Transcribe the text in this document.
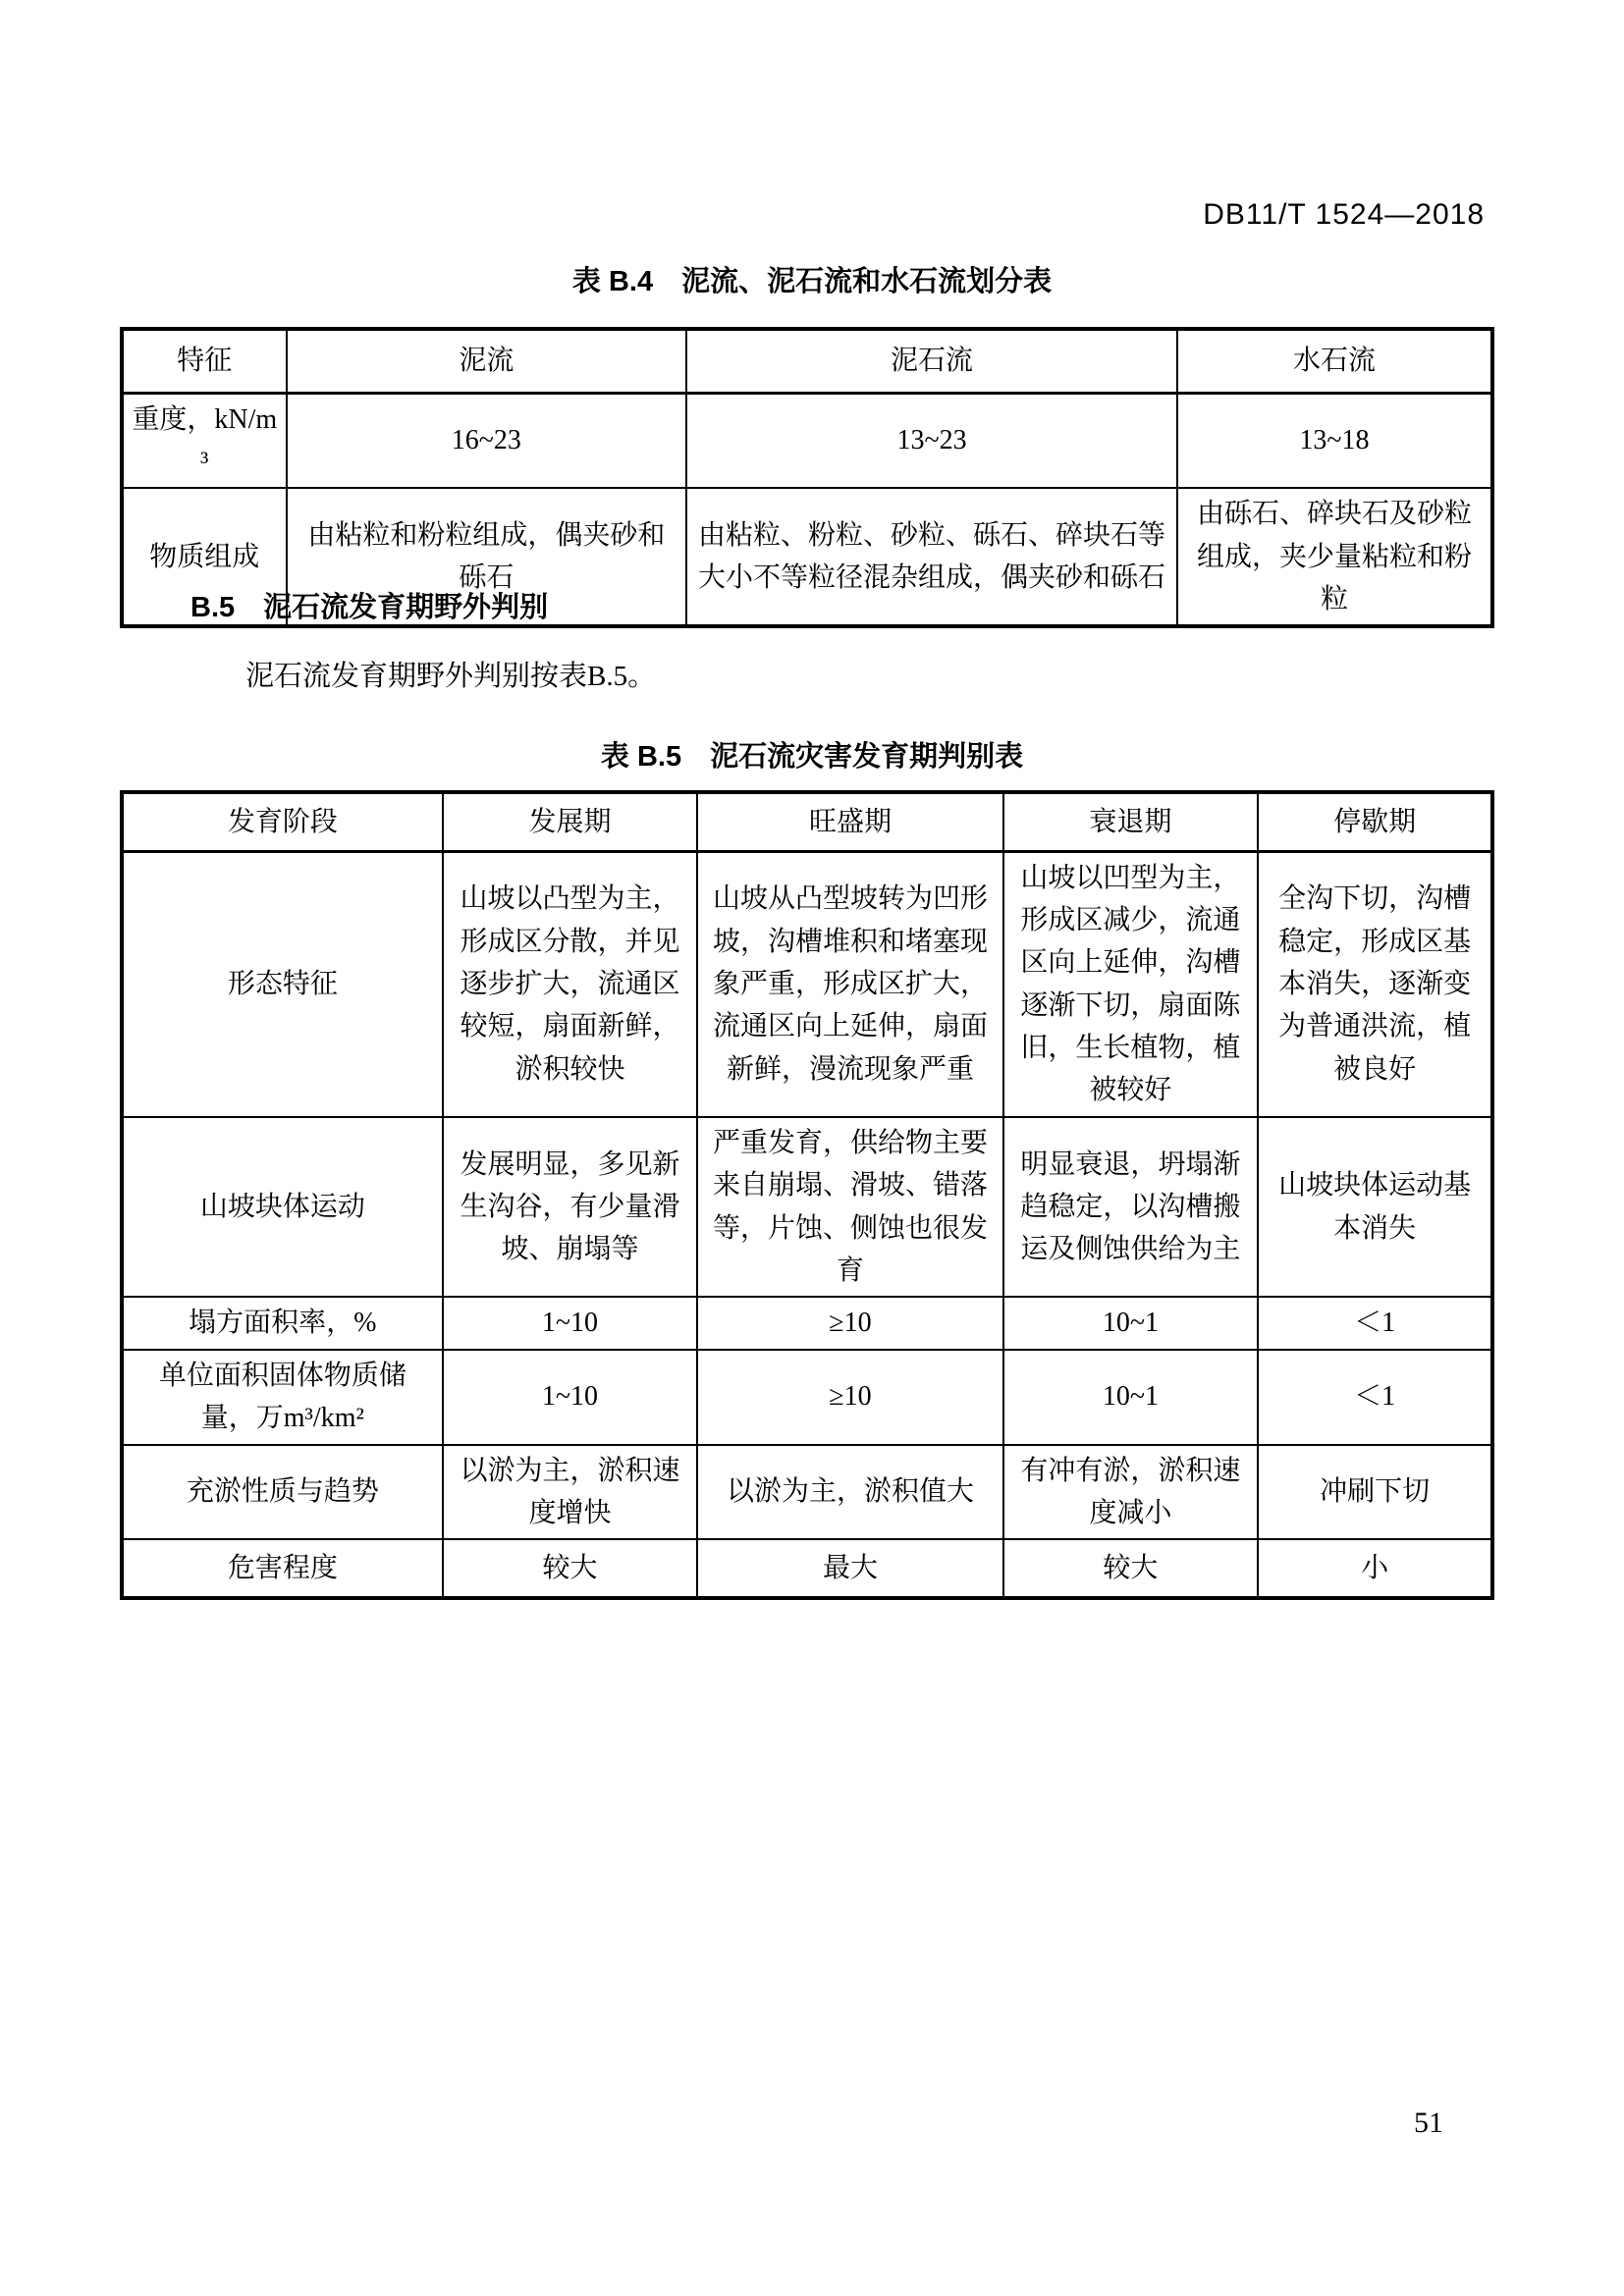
DB11/T 1524—2018
表 B.4　泥流、泥石流和水石流划分表
特征	泥流	泥石流	水石流
重度，kN/m³	16~23	13~23	13~18
物质组成	由粘粒和粉粒组成，偶夹砂和砾石	由粘粒、粉粒、砂粒、砾石、碎块石等大小不等粒径混杂组成，偶夹砂和砾石	由砾石、碎块石及砂粒组成，夹少量粘粒和粉粒
B.5　泥石流发育期野外判别
泥石流发育期野外判别按表B.5。
表 B.5　泥石流灾害发育期判别表
发育阶段	发展期	旺盛期	衰退期	停歇期
形态特征	山坡以凸型为主，形成区分散，并见逐步扩大，流通区较短，扇面新鲜，淤积较快	山坡从凸型坡转为凹形坡，沟槽堆积和堵塞现象严重，形成区扩大，流通区向上延伸，扇面新鲜，漫流现象严重	山坡以凹型为主，形成区减少，流通区向上延伸，沟槽逐渐下切，扇面陈旧，生长植物，植被较好	全沟下切，沟槽稳定，形成区基本消失，逐渐变为普通洪流，植被良好
山坡块体运动	发展明显，多见新生沟谷，有少量滑坡、崩塌等	严重发育，供给物主要来自崩塌、滑坡、错落等，片蚀、侧蚀也很发育	明显衰退，坍塌渐趋稳定，以沟槽搬运及侧蚀供给为主	山坡块体运动基本消失
塌方面积率，%	1~10	≥10	10~1	＜1
单位面积固体物质储量，万m³/km²	1~10	≥10	10~1	＜1
充淤性质与趋势	以淤为主，淤积速度增快	以淤为主，淤积值大	有冲有淤，淤积速度减小	冲刷下切
危害程度	较大	最大	较大	小
51
